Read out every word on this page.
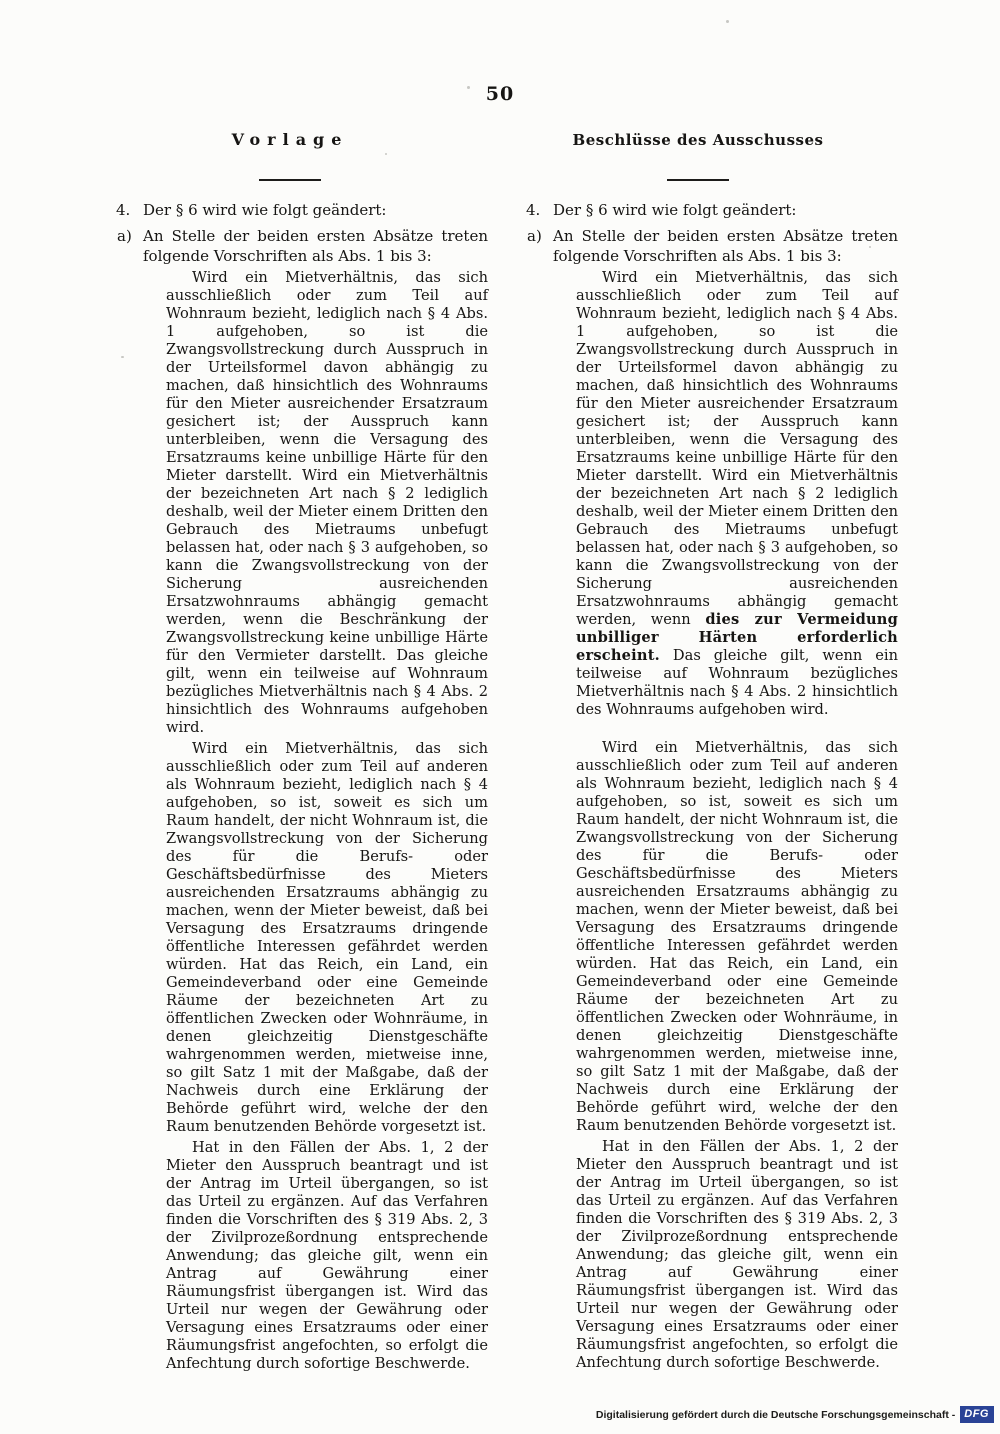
50
Vorlage
4. Der § 6 wird wie folgt geändert:
a) An Stelle der beiden ersten Absätze treten folgende Vorschriften als Abs. 1 bis 3:

Wird ein Mietverhältnis, das sich ausschließlich oder zum Teil auf Wohnraum bezieht, lediglich nach § 4 Abs. 1 aufgehoben, so ist die Zwangsvollstreckung durch Ausspruch in der Urteilsformel davon abhängig zu machen, daß hinsichtlich des Wohnraums für den Mieter ausreichender Ersatzraum gesichert ist; der Ausspruch kann unterbleiben, wenn die Versagung des Ersatzraums keine unbillige Härte für den Mieter darstellt. Wird ein Mietverhältnis der bezeichneten Art nach § 2 lediglich deshalb, weil der Mieter einem Dritten den Gebrauch des Mietraums unbefugt belassen hat, oder nach § 3 aufgehoben, so kann die Zwangsvollstreckung von der Sicherung ausreichenden Ersatzwohnraums abhängig gemacht werden, wenn die Beschränkung der Zwangsvollstreckung keine unbillige Härte für den Vermieter darstellt. Das gleiche gilt, wenn ein teilweise auf Wohnraum bezügliches Mietverhältnis nach § 4 Abs. 2 hinsichtlich des Wohnraums aufgehoben wird.

Wird ein Mietverhältnis, das sich ausschließlich oder zum Teil auf anderen als Wohnraum bezieht, lediglich nach § 4 aufgehoben, so ist, soweit es sich um Raum handelt, der nicht Wohnraum ist, die Zwangsvollstreckung von der Sicherung des für die Berufs- oder Geschäftsbedürfnisse des Mieters ausreichenden Ersatzraums abhängig zu machen, wenn der Mieter beweist, daß bei Versagung des Ersatzraums dringende öffentliche Interessen gefährdet werden würden. Hat das Reich, ein Land, ein Gemeindeverband oder eine Gemeinde Räume der bezeichneten Art zu öffentlichen Zwecken oder Wohnräume, in denen gleichzeitig Dienstgeschäfte wahrgenommen werden, mietweise inne, so gilt Satz 1 mit der Maßgabe, daß der Nachweis durch eine Erklärung der Behörde geführt wird, welche der den Raum benutzenden Behörde vorgesetzt ist.

Hat in den Fällen der Abs. 1, 2 der Mieter den Ausspruch beantragt und ist der Antrag im Urteil übergangen, so ist das Urteil zu ergänzen. Auf das Verfahren finden die Vorschriften des § 319 Abs. 2, 3 der Zivilprozeßordnung entsprechende Anwendung; das gleiche gilt, wenn ein Antrag auf Gewährung einer Räumungsfrist übergangen ist. Wird das Urteil nur wegen der Gewährung oder Versagung eines Ersatzraums oder einer Räumungsfrist angefochten, so erfolgt die Anfechtung durch sofortige Beschwerde.

Beschlüsse des Ausschusses
4. Der § 6 wird wie folgt geändert:
a) An Stelle der beiden ersten Absätze treten folgende Vorschriften als Abs. 1 bis 3:

Wird ein Mietverhältnis, das sich ausschließlich oder zum Teil auf Wohnraum bezieht, lediglich nach § 4 Abs. 1 aufgehoben, so ist die Zwangsvollstreckung durch Ausspruch in der Urteilsformel davon abhängig zu machen, daß hinsichtlich des Wohnraums für den Mieter ausreichender Ersatzraum gesichert ist; der Ausspruch kann unterbleiben, wenn die Versagung des Ersatzraums keine unbillige Härte für den Mieter darstellt. Wird ein Mietverhältnis der bezeichneten Art nach § 2 lediglich deshalb, weil der Mieter einem Dritten den Gebrauch des Mietraums unbefugt belassen hat, oder nach § 3 aufgehoben, so kann die Zwangsvollstreckung von der Sicherung ausreichenden Ersatzwohnraums abhängig gemacht werden, wenn dies zur Vermeidung unbilliger Härten erforderlich erscheint. Das gleiche gilt, wenn ein teilweise auf Wohnraum bezügliches Mietverhältnis nach § 4 Abs. 2 hinsichtlich des Wohnraums aufgehoben wird.

Wird ein Mietverhältnis, das sich ausschließlich oder zum Teil auf anderen als Wohnraum bezieht, lediglich nach § 4 aufgehoben, so ist, soweit es sich um Raum handelt, der nicht Wohnraum ist, die Zwangsvollstreckung von der Sicherung des für die Berufs- oder Geschäftsbedürfnisse des Mieters ausreichenden Ersatzraums abhängig zu machen, wenn der Mieter beweist, daß bei Versagung des Ersatzraums dringende öffentliche Interessen gefährdet werden würden. Hat das Reich, ein Land, ein Gemeindeverband oder eine Gemeinde Räume der bezeichneten Art zu öffentlichen Zwecken oder Wohnräume, in denen gleichzeitig Dienstgeschäfte wahrgenommen werden, mietweise inne, so gilt Satz 1 mit der Maßgabe, daß der Nachweis durch eine Erklärung der Behörde geführt wird, welche der den Raum benutzenden Behörde vorgesetzt ist.

Hat in den Fällen der Abs. 1, 2 der Mieter den Ausspruch beantragt und ist der Antrag im Urteil übergangen, so ist das Urteil zu ergänzen. Auf das Verfahren finden die Vorschriften des § 319 Abs. 2, 3 der Zivilprozeßordnung entsprechende Anwendung; das gleiche gilt, wenn ein Antrag auf Gewährung einer Räumungsfrist übergangen ist. Wird das Urteil nur wegen der Gewährung oder Versagung eines Ersatzraums oder einer Räumungsfrist angefochten, so erfolgt die Anfechtung durch sofortige Beschwerde.

Digitalisierung gefördert durch die Deutsche Forschungsgemeinschaft - DFG
